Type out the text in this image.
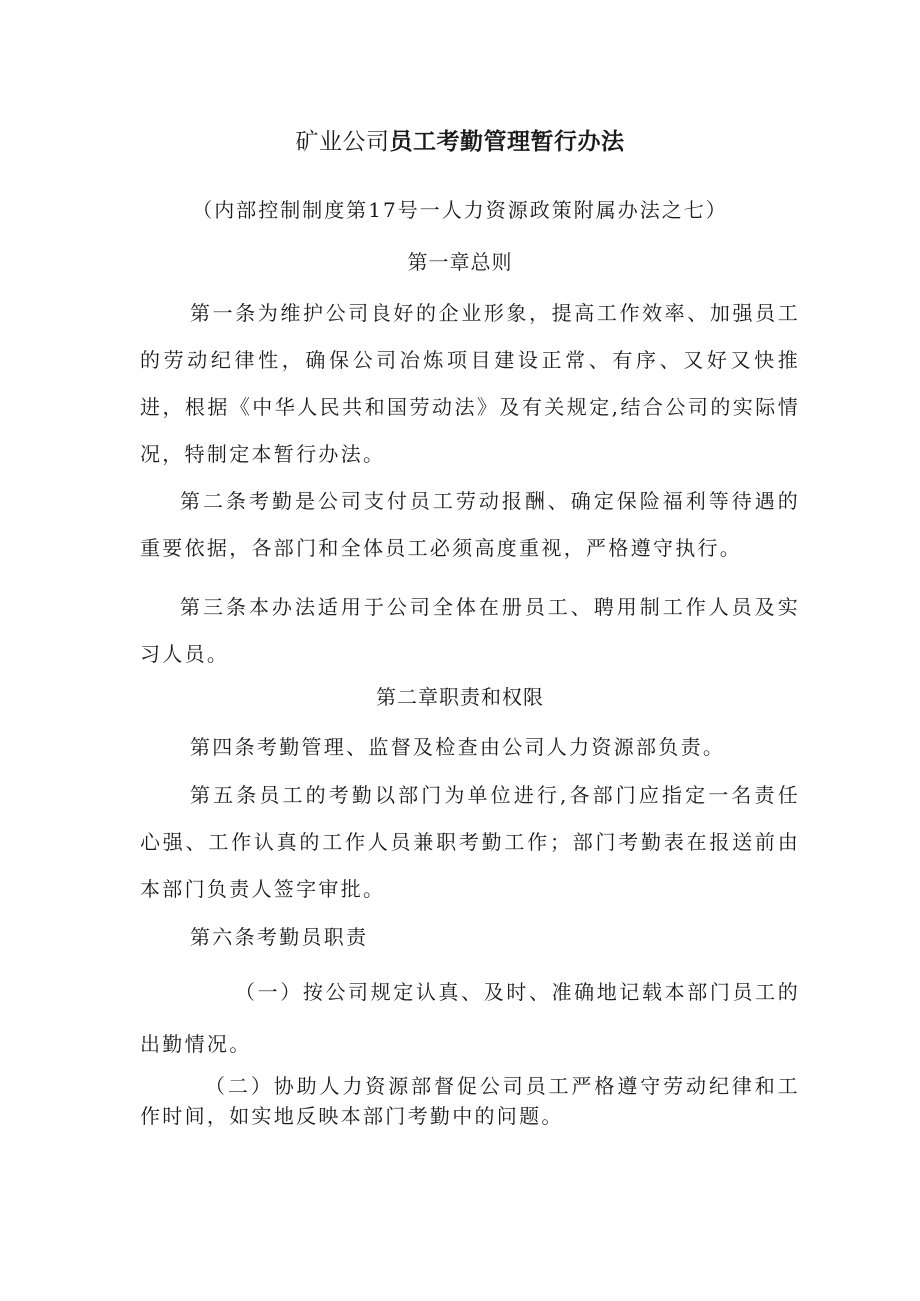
矿业公司员工考勤管理暂行办法
（内部控制制度第17号一人力资源政策附属办法之七）
第一章总则

第一条为维护公司良好的企业形象，提高工作效率、加强员工的劳动纪律性，确保公司冶炼项目建设正常、有序、又好又快推进，根据《中华人民共和国劳动法》及有关规定,结合公司的实际情况，特制定本暂行办法。

第二条考勤是公司支付员工劳动报酬、确定保险福利等待遇的重要依据，各部门和全体员工必须高度重视，严格遵守执行。

第三条本办法适用于公司全体在册员工、聘用制工作人员及实习人员。

第二章职责和权限

第四条考勤管理、监督及检查由公司人力资源部负责。

第五条员工的考勤以部门为单位进行,各部门应指定一名责任心强、工作认真的工作人员兼职考勤工作；部门考勤表在报送前由本部门负责人签字审批。

第六条考勤员职责

（一）按公司规定认真、及时、准确地记载本部门员工的出勤情况。

（二）协助人力资源部督促公司员工严格遵守劳动纪律和工作时间，如实地反映本部门考勤中的问题。
